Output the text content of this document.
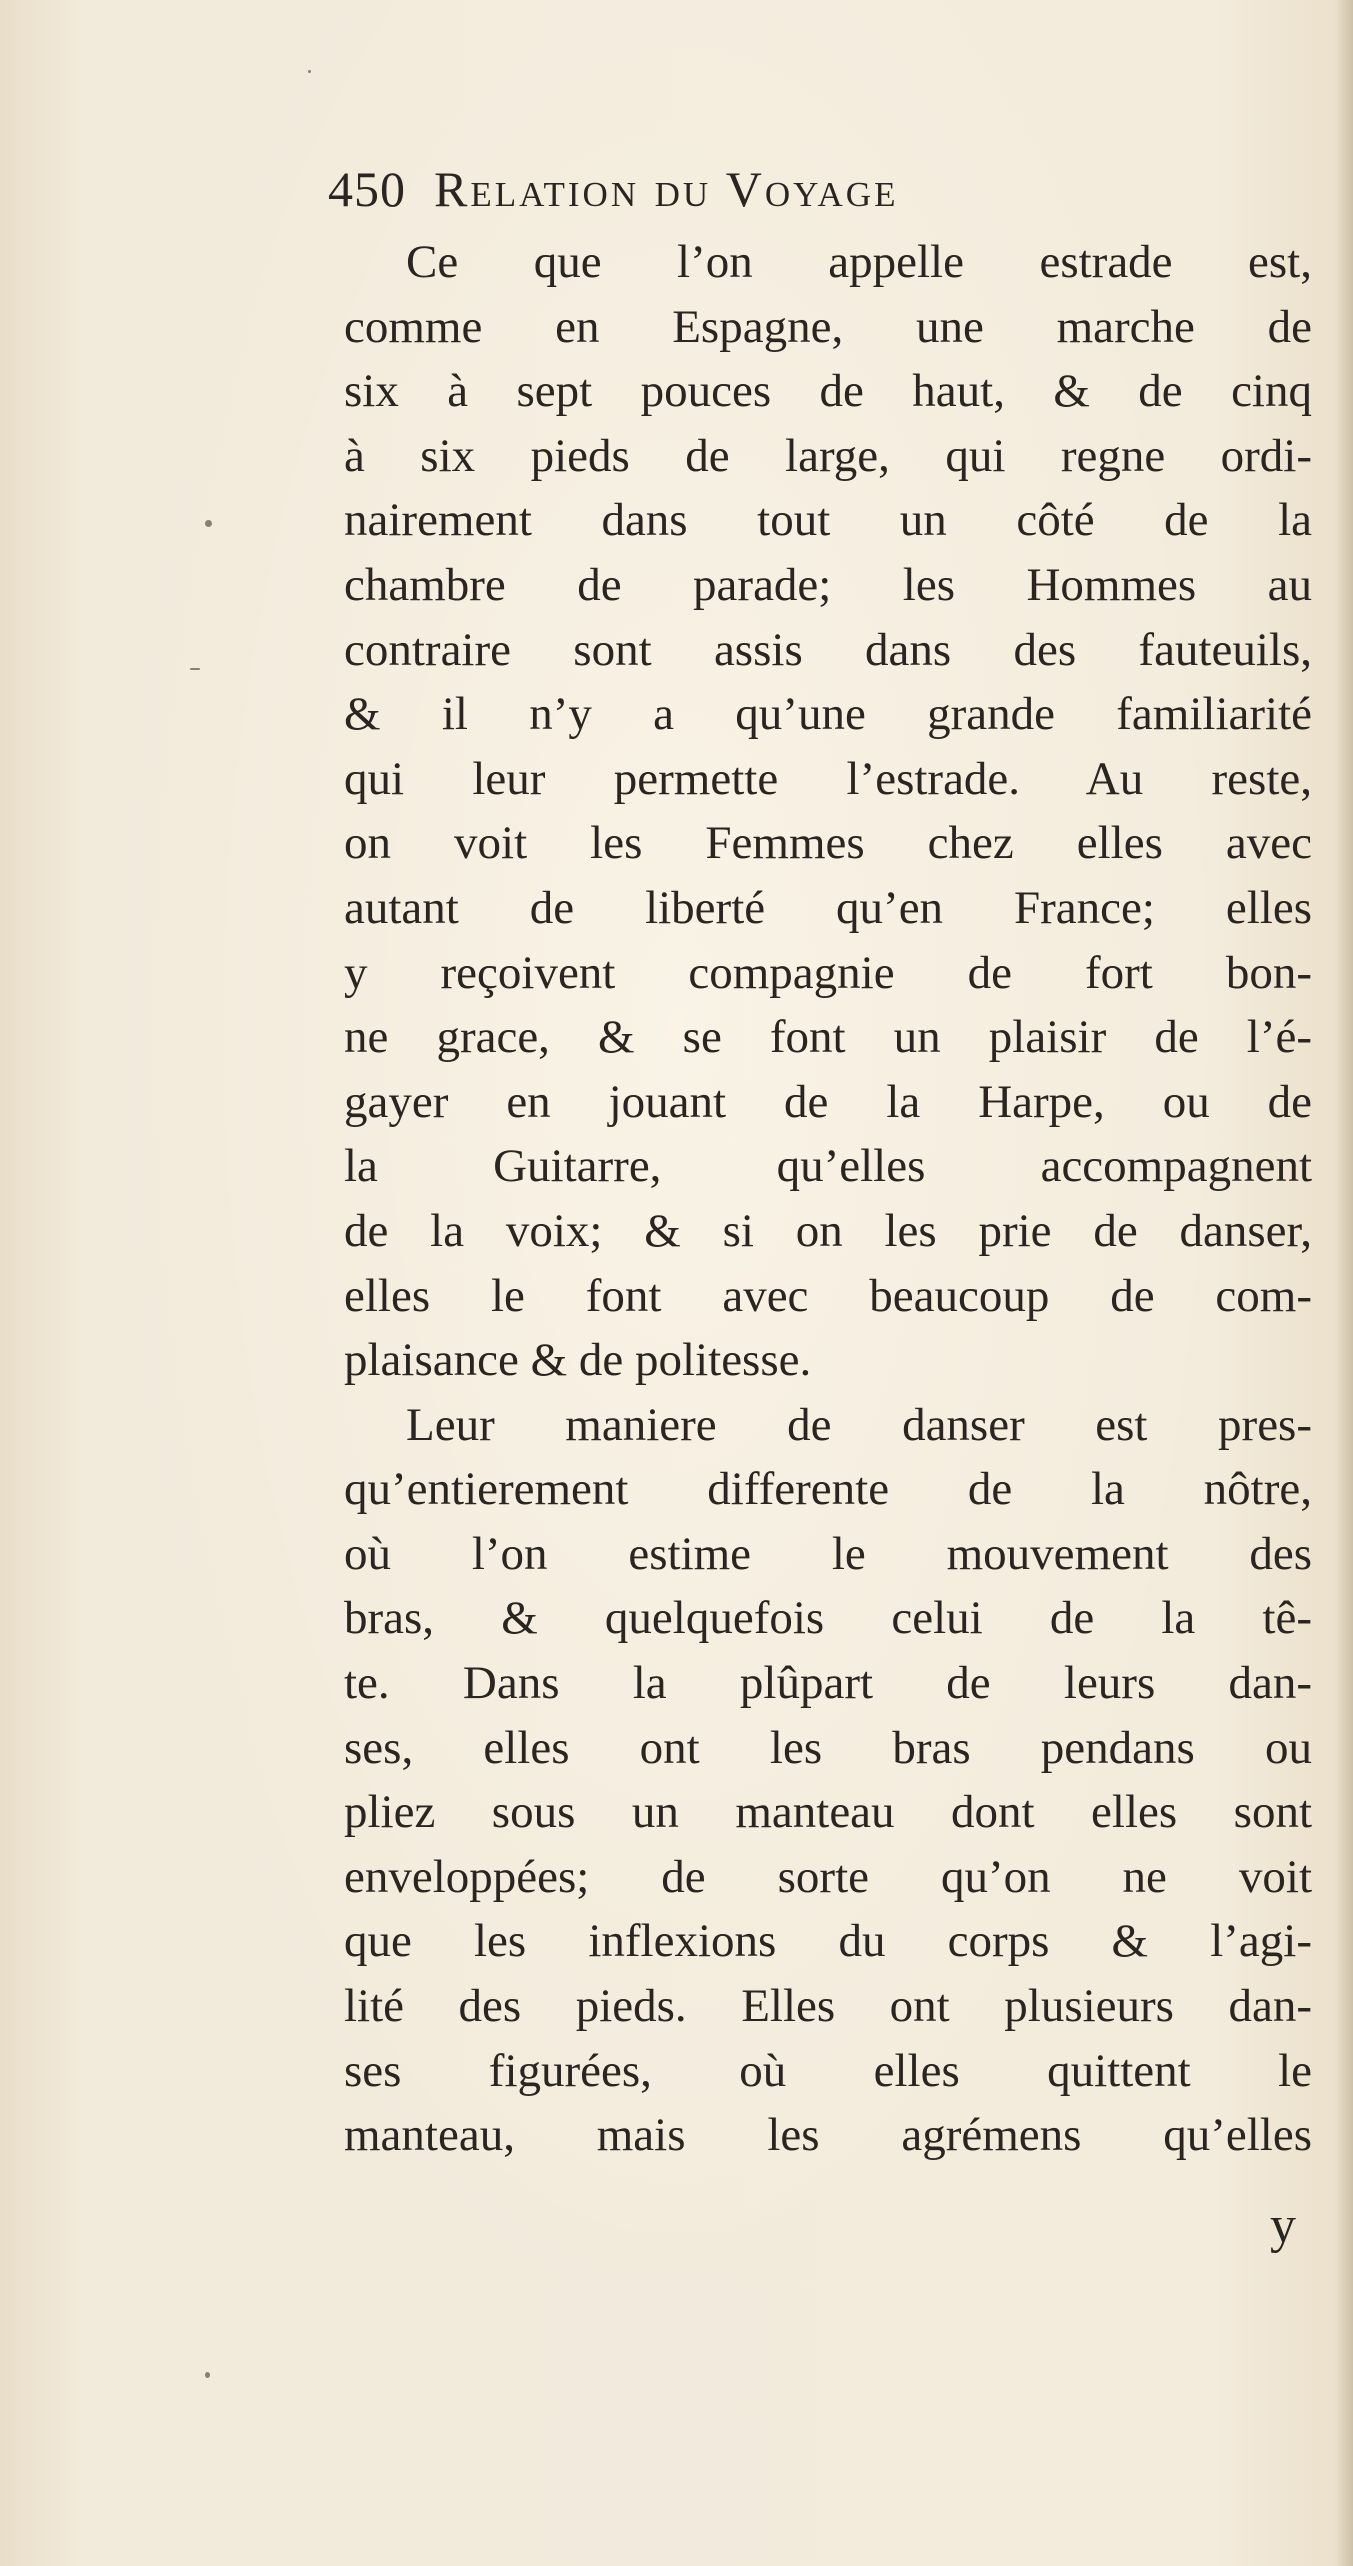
450 Relation du Voyage
Ce que l’on appelle estrade est,
comme en Espagne, une marche de
six à sept pouces de haut, & de cinq
à six pieds de large, qui regne ordi-
nairement dans tout un côté de la
chambre de parade; les Hommes au
contraire sont assis dans des fauteuils,
& il n’y a qu’une grande familiarité
qui leur permette l’estrade. Au reste,
on voit les Femmes chez elles avec
autant de liberté qu’en France; elles
y reçoivent compagnie de fort bon-
ne grace, & se font un plaisir de l’é-
gayer en jouant de la Harpe, ou de
la Guitarre, qu’elles accompagnent
de la voix; & si on les prie de danser,
elles le font avec beaucoup de com-
plaisance & de politesse.
Leur maniere de danser est pres-
qu’entierement differente de la nôtre,
où l’on estime le mouvement des
bras, & quelquefois celui de la tê-
te. Dans la plûpart de leurs dan-
ses, elles ont les bras pendans ou
pliez sous un manteau dont elles sont
enveloppées; de sorte qu’on ne voit
que les inflexions du corps & l’agi-
lité des pieds. Elles ont plusieurs dan-
ses figurées, où elles quittent le
manteau, mais les agrémens qu’elles
y
